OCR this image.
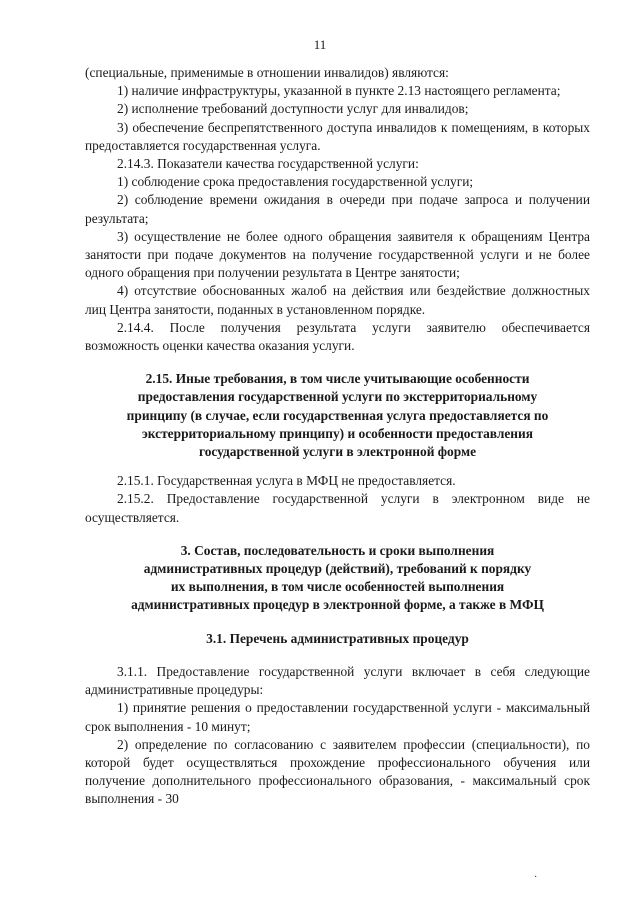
11

(специальные, применимые в отношении инвалидов) являются:

1) наличие инфраструктуры, указанной в пункте 2.13 настоящего регламента;

2) исполнение требований доступности услуг для инвалидов;

3) обеспечение беспрепятственного доступа инвалидов к помещениям, в которых предоставляется государственная услуга.

2.14.3. Показатели качества государственной услуги:

1) соблюдение срока предоставления государственной услуги;

2) соблюдение времени ожидания в очереди при подаче запроса и получении результата;

3) осуществление не более одного обращения заявителя к обращениям Центра занятости при подаче документов на получение государственной услуги и не более одного обращения при получении результата в Центре занятости;

4) отсутствие обоснованных жалоб на действия или бездействие должностных лиц Центра занятости, поданных в установленном порядке.

2.14.4. После получения результата услуги заявителю обеспечивается возможность оценки качества оказания услуги.

2.15. Иные требования, в том числе учитывающие особенности

предоставления государственной услуги по экстерриториальному

принципу (в случае, если государственная услуга предоставляется по

экстерриториальному принципу) и особенности предоставления

государственной услуги в электронной форме

2.15.1. Государственная услуга в МФЦ не предоставляется.

2.15.2. Предоставление государственной услуги в электронном виде не осуществляется.

3. Состав, последовательность и сроки выполнения

административных процедур (действий), требований к порядку

их выполнения, в том числе особенностей выполнения

административных процедур в электронной форме, а также в МФЦ

3.1. Перечень административных процедур

3.1.1. Предоставление государственной услуги включает в себя следующие административные процедуры:

1) принятие решения о предоставлении государственной услуги - максимальный срок выполнения - 10 минут;

2) определение по согласованию с заявителем профессии (специальности), по которой будет осуществляться прохождение профессионального обучения или получение дополнительного профессионального образования, - максимальный срок выполнения - 30

·
